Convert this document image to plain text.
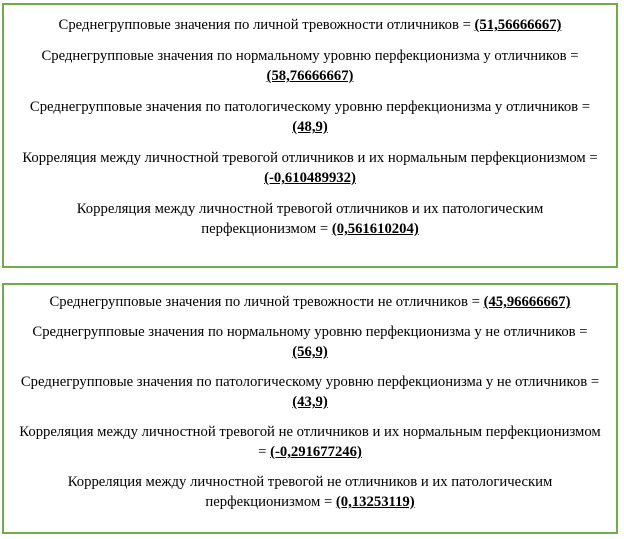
Среднегрупповые значения по личной тревожности отличников = (51,56666667)

Среднегрупповые значения по нормальному уровню перфекционизма у отличников = (58,76666667)

Среднегрупповые значения по патологическому уровню перфекционизма у отличников = (48,9)

Корреляция между личностной тревогой отличников и их нормальным перфекционизмом = (-0,610489932)

Корреляция между личностной тревогой отличников и их патологическим перфекционизмом = (0,561610204)

Среднегрупповые значения по личной тревожности не отличников = (45,96666667)

Среднегрупповые значения по нормальному уровню перфекционизма у не отличников = (56,9)

Среднегрупповые значения по патологическому уровню перфекционизма у не отличников = (43,9)

Корреляция между личностной тревогой не отличников и их нормальным перфекционизмом = (-0,291677246)

Корреляция между личностной тревогой не отличников и их патологическим перфекционизмом = (0,13253119)
